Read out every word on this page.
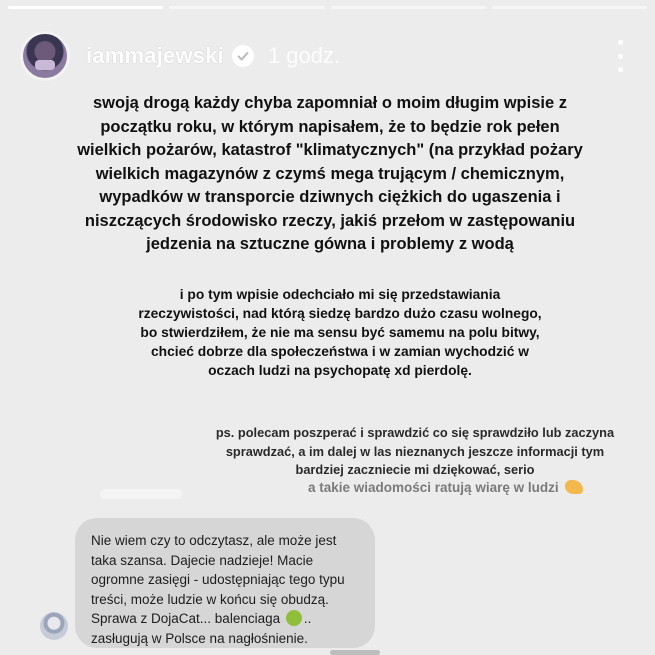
iammajewski 1 godz.
swoją drogą każdy chyba zapomniał o moim długim wpisie z początku roku, w którym napisałem, że to będzie rok pełen wielkich pożarów, katastrof "klimatycznych" (na przykład pożary wielkich magazynów z czymś mega trującym / chemicznym, wypadków w transporcie dziwnych ciężkich do ugaszenia i niszczących środowisko rzeczy, jakiś przełom w zastępowaniu jedzenia na sztuczne gówna i problemy z wodą
i po tym wpisie odechciało mi się przedstawiania rzeczywistości, nad którą siedzę bardzo dużo czasu wolnego, bo stwierdziłem, że nie ma sensu być samemu na polu bitwy, chcieć dobrze dla społeczeństwa i w zamian wychodzić w oczach ludzi na psychopatę xd pierdolę.
ps. polecam poszperać i sprawdzić co się sprawdziło lub zaczyna sprawdzać, a im dalej w las nieznanych jeszcze informacji tym bardziej zaczniecie mi dziękować, serio
a takie wiadomości ratują wiarę w ludzi
Nie wiem czy to odczytasz, ale może jest taka szansa. Dajecie nadzieje! Macie ogromne zasięgi - udostępniając tego typu treści, może ludzie w końcu się obudzą. Sprawa z DojaCat... balenciaga .. zasługują w Polsce na nagłośnienie.
